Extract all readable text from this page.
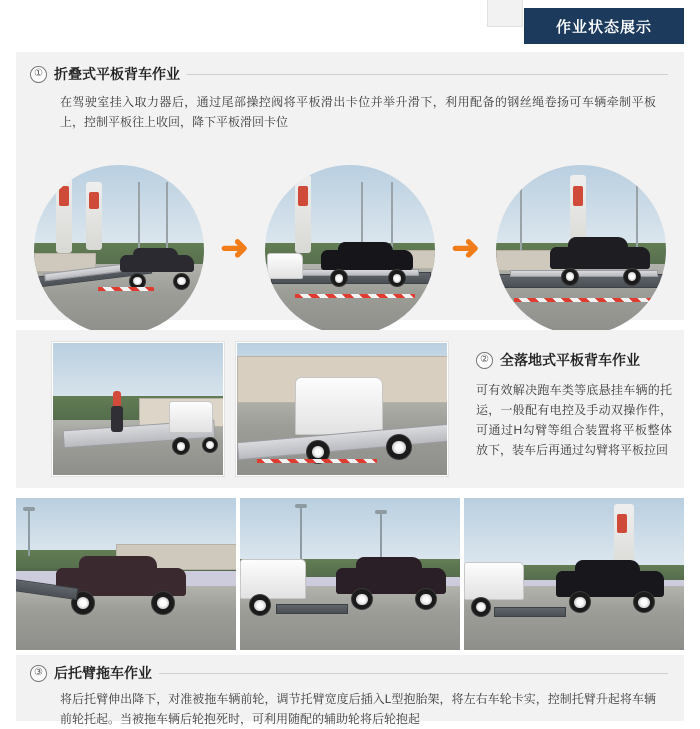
作业状态展示
① 折叠式平板背车作业
在驾驶室挂入取力器后，通过尾部操控阀将平板滑出卡位并举升滑下，利用配备的钢丝绳卷扬可车辆牵制平板上，控制平板往上收回，降下平板滑回卡位
➜	➜
② 全落地式平板背车作业
可有效解决跑车类等底悬挂车辆的托运，一般配有电控及手动双操作件，可通过H勾臂等组合装置将平板整体放下，装车后再通过勾臂将平板拉回
③ 后托臂拖车作业
将后托臂伸出降下，对准被拖车辆前轮，调节托臂宽度后插入L型抱胎架，将左右车轮卡实，控制托臂升起将车辆前轮托起。当被拖车辆后轮抱死时，可利用随配的辅助轮将后轮抱起
